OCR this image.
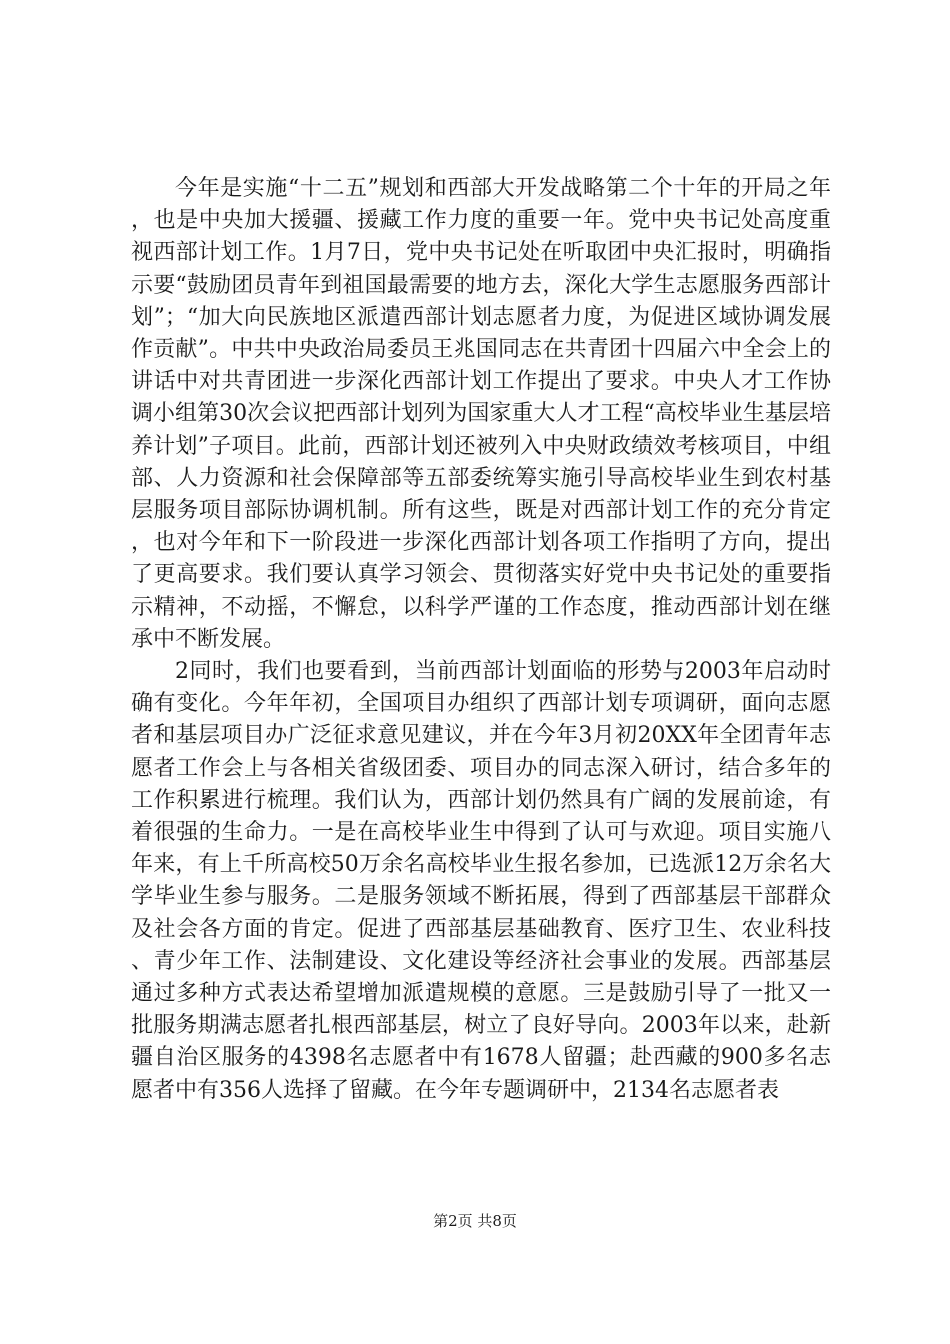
今年是实施“十二五”规划和西部大开发战略第二个十年的开局之年，也是中央加大援疆、援藏工作力度的重要一年。党中央书记处高度重视西部计划工作。1月7日，党中央书记处在听取团中央汇报时，明确指示要“鼓励团员青年到祖国最需要的地方去，深化大学生志愿服务西部计划”；“加大向民族地区派遣西部计划志愿者力度，为促进区域协调发展作贡献”。中共中央政治局委员王兆国同志在共青团十四届六中全会上的讲话中对共青团进一步深化西部计划工作提出了要求。中央人才工作协调小组第30次会议把西部计划列为国家重大人才工程“高校毕业生基层培养计划”子项目。此前，西部计划还被列入中央财政绩效考核项目，中组部、人力资源和社会保障部等五部委统筹实施引导高校毕业生到农村基层服务项目部际协调机制。所有这些，既是对西部计划工作的充分肯定，也对今年和下一阶段进一步深化西部计划各项工作指明了方向，提出了更高要求。我们要认真学习领会、贯彻落实好党中央书记处的重要指示精神，不动摇，不懈怠，以科学严谨的工作态度，推动西部计划在继承中不断发展。

2同时，我们也要看到，当前西部计划面临的形势与2003年启动时确有变化。今年年初，全国项目办组织了西部计划专项调研，面向志愿者和基层项目办广泛征求意见建议，并在今年3月初20XX年全团青年志愿者工作会上与各相关省级团委、项目办的同志深入研讨，结合多年的工作积累进行梳理。我们认为，西部计划仍然具有广阔的发展前途，有着很强的生命力。一是在高校毕业生中得到了认可与欢迎。项目实施八年来，有上千所高校50万余名高校毕业生报名参加，已选派12万余名大学毕业生参与服务。二是服务领域不断拓展，得到了西部基层干部群众及社会各方面的肯定。促进了西部基层基础教育、医疗卫生、农业科技、青少年工作、法制建设、文化建设等经济社会事业的发展。西部基层通过多种方式表达希望增加派遣规模的意愿。三是鼓励引导了一批又一批服务期满志愿者扎根西部基层，树立了良好导向。2003年以来，赴新疆自治区服务的4398名志愿者中有1678人留疆；赴西藏的900多名志愿者中有356人选择了留藏。在今年专题调研中，2134名志愿者表

第2页 共8页
